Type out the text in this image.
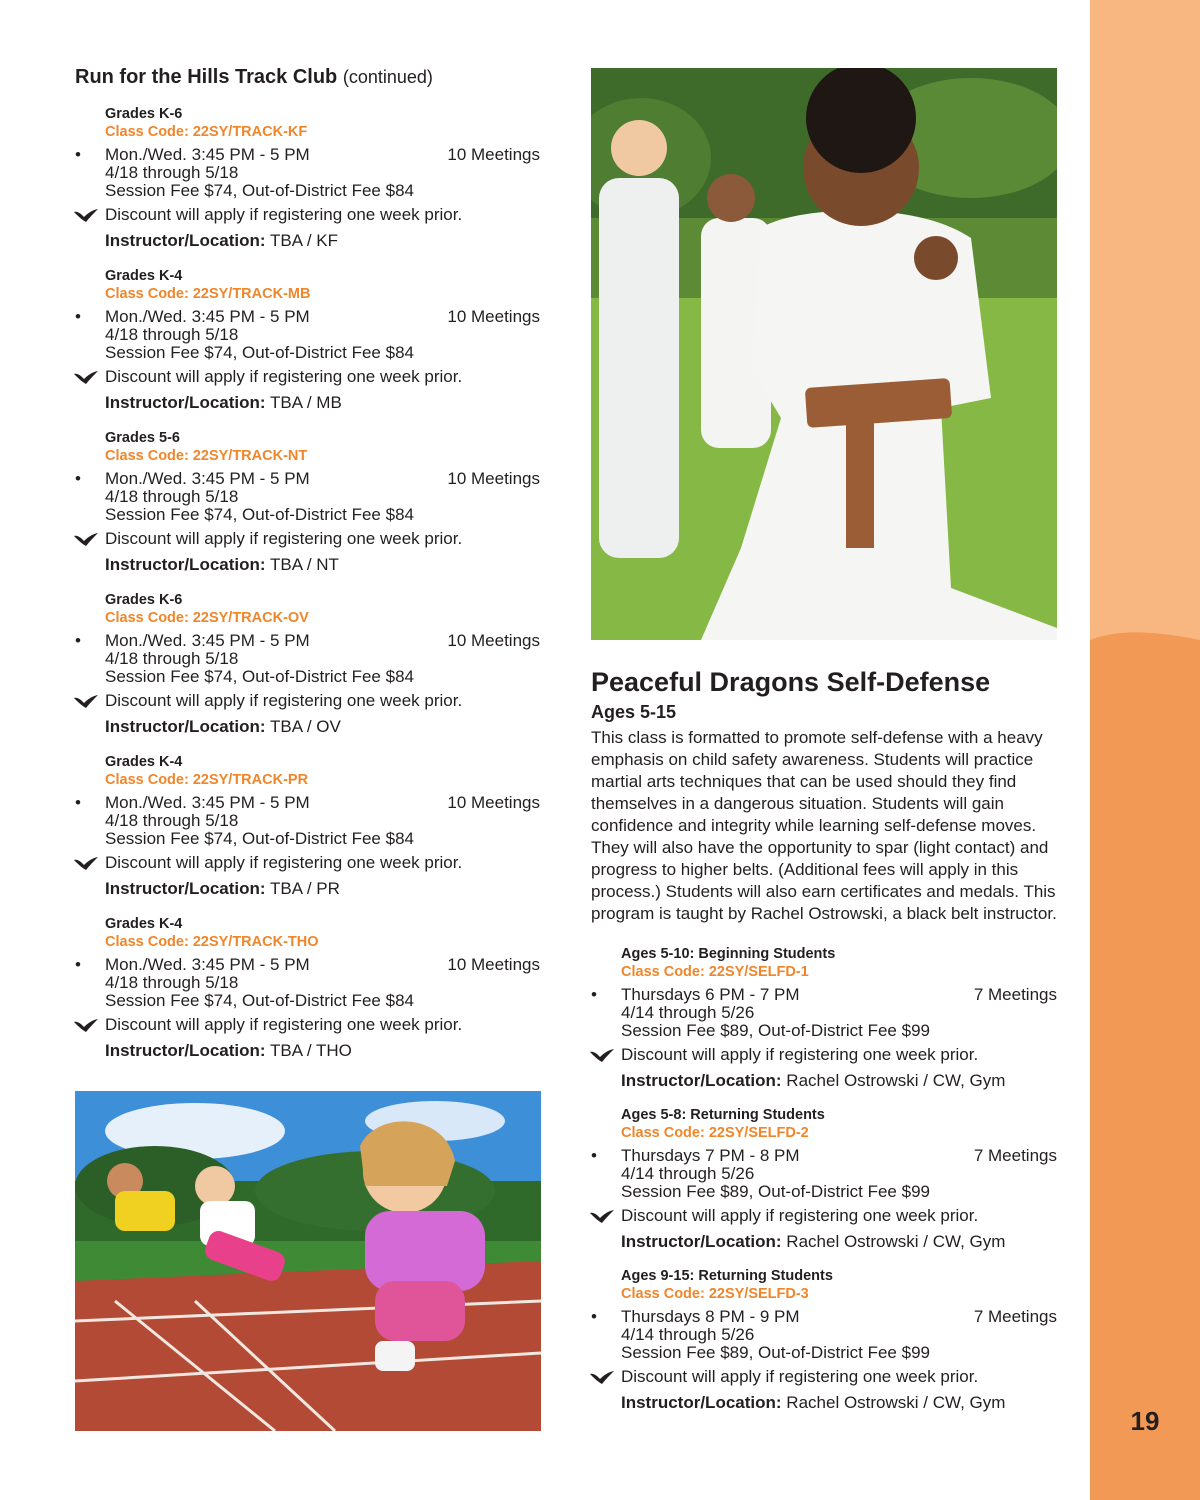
19
Run for the Hills Track Club (continued)
Grades K-6
Class Code: 22SY/TRACK-KF
• Mon./Wed. 3:45 PM - 5 PM	10 Meetings
4/18 through 5/18
Session Fee $74, Out-of-District Fee $84
Discount will apply if registering one week prior.
Instructor/Location: TBA / KF
Grades K-4
Class Code: 22SY/TRACK-MB
• Mon./Wed. 3:45 PM - 5 PM	10 Meetings
4/18 through 5/18
Session Fee $74, Out-of-District Fee $84
Discount will apply if registering one week prior.
Instructor/Location: TBA / MB
Grades 5-6
Class Code: 22SY/TRACK-NT
• Mon./Wed. 3:45 PM - 5 PM	10 Meetings
4/18 through 5/18
Session Fee $74, Out-of-District Fee $84
Discount will apply if registering one week prior.
Instructor/Location: TBA / NT
Grades K-6
Class Code: 22SY/TRACK-OV
• Mon./Wed. 3:45 PM - 5 PM	10 Meetings
4/18 through 5/18
Session Fee $74, Out-of-District Fee $84
Discount will apply if registering one week prior.
Instructor/Location: TBA / OV
Grades K-4
Class Code: 22SY/TRACK-PR
• Mon./Wed. 3:45 PM - 5 PM	10 Meetings
4/18 through 5/18
Session Fee $74, Out-of-District Fee $84
Discount will apply if registering one week prior.
Instructor/Location: TBA / PR
Grades K-4
Class Code: 22SY/TRACK-THO
• Mon./Wed. 3:45 PM - 5 PM	10 Meetings
4/18 through 5/18
Session Fee $74, Out-of-District Fee $84
Discount will apply if registering one week prior.
Instructor/Location: TBA / THO
Peaceful Dragons Self-Defense
Ages 5-15
This class is formatted to promote self-defense with a heavy emphasis on child safety awareness. Students will practice martial arts techniques that can be used should they find themselves in a dangerous situation. Students will gain confidence and integrity while learning self-defense moves. They will also have the opportunity to spar (light contact) and progress to higher belts. (Additional fees will apply in this process.) Students will also earn certificates and medals. This program is taught by Rachel Ostrowski, a black belt instructor.
Ages 5-10: Beginning Students
Class Code: 22SY/SELFD-1
• Thursdays 6 PM - 7 PM	7 Meetings
4/14 through 5/26
Session Fee $89, Out-of-District Fee $99
Discount will apply if registering one week prior.
Instructor/Location: Rachel Ostrowski / CW, Gym
Ages 5-8: Returning Students
Class Code: 22SY/SELFD-2
• Thursdays 7 PM - 8 PM	7 Meetings
4/14 through 5/26
Session Fee $89, Out-of-District Fee $99
Discount will apply if registering one week prior.
Instructor/Location: Rachel Ostrowski / CW, Gym
Ages 9-15: Returning Students
Class Code: 22SY/SELFD-3
• Thursdays 8 PM - 9 PM	7 Meetings
4/14 through 5/26
Session Fee $89, Out-of-District Fee $99
Discount will apply if registering one week prior.
Instructor/Location: Rachel Ostrowski / CW, Gym
